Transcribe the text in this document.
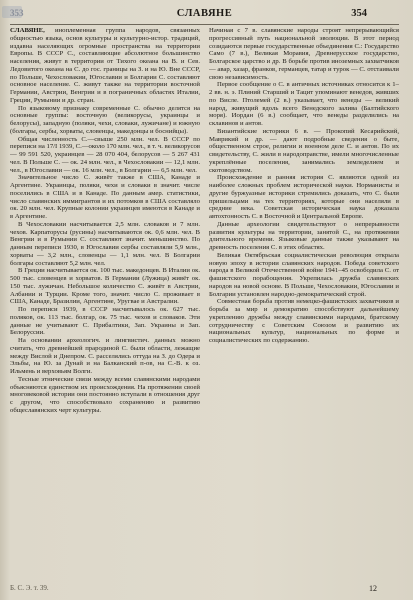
353	СЛАВЯНЕ	354

СЛАВЯНЕ, иноплеменная группа народов, связанных общностью языка, основ культуры и культурно-истор. традиций, издавна населяющих огромные пространства на территории Европы. В СССР С., составляющие абсолютное большинство населения, живут в территории от Тихого океана на В. и Сев. Ледовитого океана на С. до гос. границы на З. и на Ю. Вне СССР, по Польше, Чехословакии, Югославии и Болгарии С. составляют основное население. С. живут также на территории восточной Германии, Австрии, Венгрии и в пограничных областях Италии, Греции, Румынии и др. стран.

По языковому признаку современные С. обычно делятся на основные группы: восточную (великорусы, украинцы и белорусы), западную (поляки, чехи, словаки, лужичане) и южную (болгары, сербы, хорваты, словенцы, македонцы и боснийцы).

Общая численность С.—свыше 250 млн. чел. В СССР по переписи на 17/I 1939, С.—около 170 млн. чел., в т. ч. великорусов — 99 591 520, украинцев — 28 070 404, белорусов — 5 267 431 чел. В Польше С. — ок. 24 млн. чел., в Чехословакии — 12,1 млн. чел., в Югославии — ок. 16 млн. чел., в Болгарии — 6,5 млн. чел.

Значительное число С. живёт также в США, Канаде и Аргентине. Украинцы, поляки, чехи и словаки в значит. числе поселились в США и в Канаде. По данным амер. статистики, число славянских иммигрантов и их потомков в США составляло ок. 20 млн. чел. Крупные колонии украинцев имеются в Канаде и в Аргентине.

В Чехословакии насчитывается 2,5 млн. словаков и 7 млн. чехов. Карпаторусы (русины) насчитываются ок. 0,6 млн. чел. В Венгрии и в Румынии С. составляют значит. меньшинство. По данным переписи 1930, в Югославии сербы составляли 5,9 млн., хорваты — 3,2 млн., словенцы — 1,1 млн. чел. В Болгарии болгары составляют 5,2 млн. чел.

В Греции насчитывается ок. 100 тыс. македонцев. В Италии ок. 500 тыс. словенцев и хорватов. В Германии (Лужица) живёт ок. 150 тыс. лужичан. Небольшое количество С. живёт в Австрии, Албании и Турции. Кроме того, значит. число С. проживает в США, Канаде, Бразилии, Аргентине, Уругвае и Австралии.

По переписи 1939, в СССР насчитывалось ок. 627 тыс. поляков, ок. 113 тыс. болгар, ок. 75 тыс. чехов и словаков. Эти данные не учитывают С. Прибалтики, Зап. Украины и Зап. Белоруссии.

На основании археологич. и лингвистич. данных можно считать, что древнейшей прародиной С. были области, лежащие между Вислой и Днепром. С. расселялись оттуда на З. до Одера и Эльбы, на Ю. за Дунай и на Балканский п-ов, на С.-В. к оз. Ильмень и верховьям Волги.

Тесные этнические связи между всеми славянскими народами объясняются единством их происхождения. На протяжении своей многовековой истории они постоянно вступали в отношения друг с другом, что способствовало сохранению и развитию общеславянских черт культуры.

Начиная с 7 в. славянские народы строят непрерывающийся прогрессивный путь национальной эволюции. В этот период созидаются первые государственные объединения С.: Государство Само (7 в.), Великая Моравия, Древнерусское государство, Болгарское царство и др. В борьбе против иноземных захватчиков — авар, хазар, франков, германцев, татар и турок — С. отстаивали свою независимость.

Первое сообщение о С. в античных источниках относится к 1–2 вв. н. э. Плиний Старший и Тацит упоминают венедов, живших по Висле. Птолемей (2 в.) указывает, что венеды — великий народ, живущий вдоль всего Венедского залива (Балтийского моря). Иордан (6 в.) сообщает, что венеды разделились на склавинов и антов.

Византийские историки 6 в. — Прокопий Кесарийский, Маврикий и др. — дают подробные сведения о быте, общественном строе, религии и военном деле С. и антов. По их свидетельству, С. жили в народоправстве, имели многочисленные укреплённые поселения, занимались земледелием и скотоводством.

Происхождение и ранняя история С. являются одной из наиболее сложных проблем исторической науки. Норманисты и другие буржуазные историки стремились доказать, что С. были пришельцами на тех территориях, которые они населяли в средние века. Советская историческая наука доказала автохтонность С. в Восточной и Центральной Европе.

Данные археологии свидетельствуют о непрерывности развития культуры на территории, занятой С., на протяжении длительного времени. Языковые данные также указывают на древность поселения С. в этих областях.

Великая Октябрьская социалистическая революция открыла новую эпоху в истории славянских народов. Победа советского народа в Великой Отечественной войне 1941–45 освободила С. от фашистского порабощения. Укрепилась дружба славянских народов на новой основе. В Польше, Чехословакии, Югославии и Болгарии установлен народно-демократический строй.

Совместная борьба против немецко-фашистских захватчиков и борьба за мир и демократию способствуют дальнейшему укреплению дружбы между славянскими народами, братскому сотрудничеству с Советским Союзом и развитию их национальных культур, национальных по форме и социалистических по содержанию.

Б. С. Э. т. 39.	12
